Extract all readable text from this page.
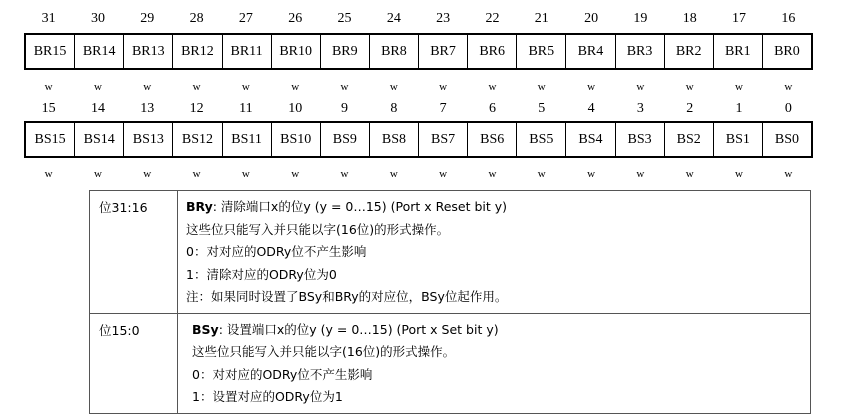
31	30	29	28	27	26	25	24	23	22	21	20	19	18	17	16
BR15	BR14	BR13	BR12	BR11	BR10	BR9	BR8	BR7	BR6	BR5	BR4	BR3	BR2	BR1	BR0
w	w	w	w	w	w	w	w	w	w	w	w	w	w	w	w
15	14	13	12	11	10	9	8	7	6	5	4	3	2	1	0
BS15	BS14	BS13	BS12	BS11	BS10	BS9	BS8	BS7	BS6	BS5	BS4	BS3	BS2	BS1	BS0
w	w	w	w	w	w	w	w	w	w	w	w	w	w	w	w
位31:16	BRy: 清除端口x的位y (y = 0…15) (Port x Reset bit y)
这些位只能写入并只能以字(16位)的形式操作。
0：对对应的ODRy位不产生影响
1：清除对应的ODRy位为0
注：如果同时设置了BSy和BRy的对应位，BSy位起作用。

位15:0	BSy: 设置端口x的位y (y = 0…15) (Port x Set bit y)
这些位只能写入并只能以字(16位)的形式操作。
0：对对应的ODRy位不产生影响
1：设置对应的ODRy位为1
